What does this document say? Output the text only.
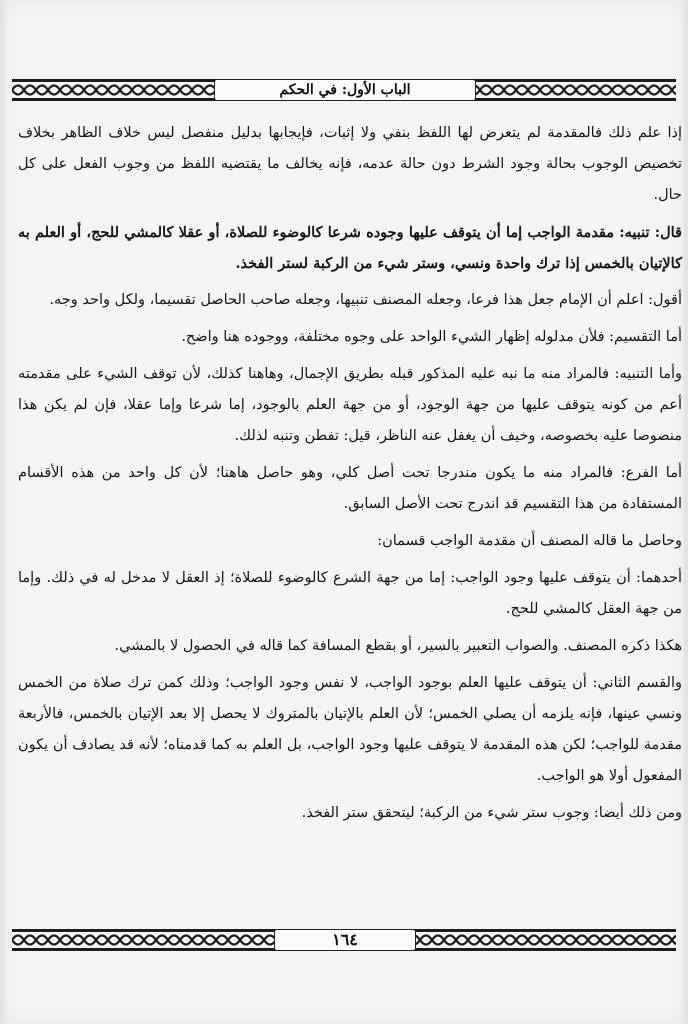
الباب الأول: في الحكم

إذا علم ذلك فالمقدمة لم يتعرض لها اللفظ بنفي ولا إثبات، فإيجابها بدليل منفصل ليس خلاف الظاهر بخلاف تخصيص الوجوب بحالة وجود الشرط دون حالة عدمه، فإنه يخالف ما يقتضيه اللفظ من وجوب الفعل على كل حال.

قال: تنبيه: مقدمة الواجب إما أن يتوقف عليها وجوده شرعا كالوضوء للصلاة، أو عقلا كالمشي للحج، أو العلم به كالإتيان بالخمس إذا ترك واحدة ونسي، وستر شيء من الركبة لستر الفخذ.

أقول: اعلم أن الإمام جعل هذا فرعا، وجعله المصنف تنبيها، وجعله صاحب الحاصل تقسيما، ولكل واحد وجه.

أما التقسيم: فلأن مدلوله إظهار الشيء الواحد على وجوه مختلفة، ووجوده هنا واضح.

وأما التنبيه: فالمراد منه ما نبه عليه المذكور قبله بطريق الإجمال، وهاهنا كذلك، لأن توقف الشيء على مقدمته أعم من كونه يتوقف عليها من جهة الوجود، أو من جهة العلم بالوجود، إما شرعا وإما عقلا، فإن لم يكن هذا منصوصا عليه بخصوصه، وخيف أن يغفل عنه الناظر، قيل: تفطن وتنبه لذلك.

أما الفرع: فالمراد منه ما يكون مندرجا تحت أصل كلي، وهو حاصل هاهنا؛ لأن كل واحد من هذه الأقسام المستفادة من هذا التقسيم قد اندرج تحت الأصل السابق.

وحاصل ما قاله المصنف أن مقدمة الواجب قسمان:

أحدهما: أن يتوقف عليها وجود الواجب: إما من جهة الشرع كالوضوء للصلاة؛ إذ العقل لا مدخل له في ذلك. وإما من جهة العقل كالمشي للحج.

هكذا ذكره المصنف. والصواب التعبير بالسير، أو بقطع المسافة كما قاله في الحصول لا بالمشي.

والقسم الثاني: أن يتوقف عليها العلم بوجود الواجب، لا نفس وجود الواجب؛ وذلك كمن ترك صلاة من الخمس ونسي عينها، فإنه يلزمه أن يصلي الخمس؛ لأن العلم بالإتيان بالمتروك لا يحصل إلا بعد الإتيان بالخمس، فالأربعة مقدمة للواجب؛ لكن هذه المقدمة لا يتوقف عليها وجود الواجب، بل العلم به كما قدمناه؛ لأنه قد يصادف أن يكون المفعول أولا هو الواجب.

ومن ذلك أيضا: وجوب ستر شيء من الركبة؛ ليتحقق ستر الفخذ.

١٦٤
